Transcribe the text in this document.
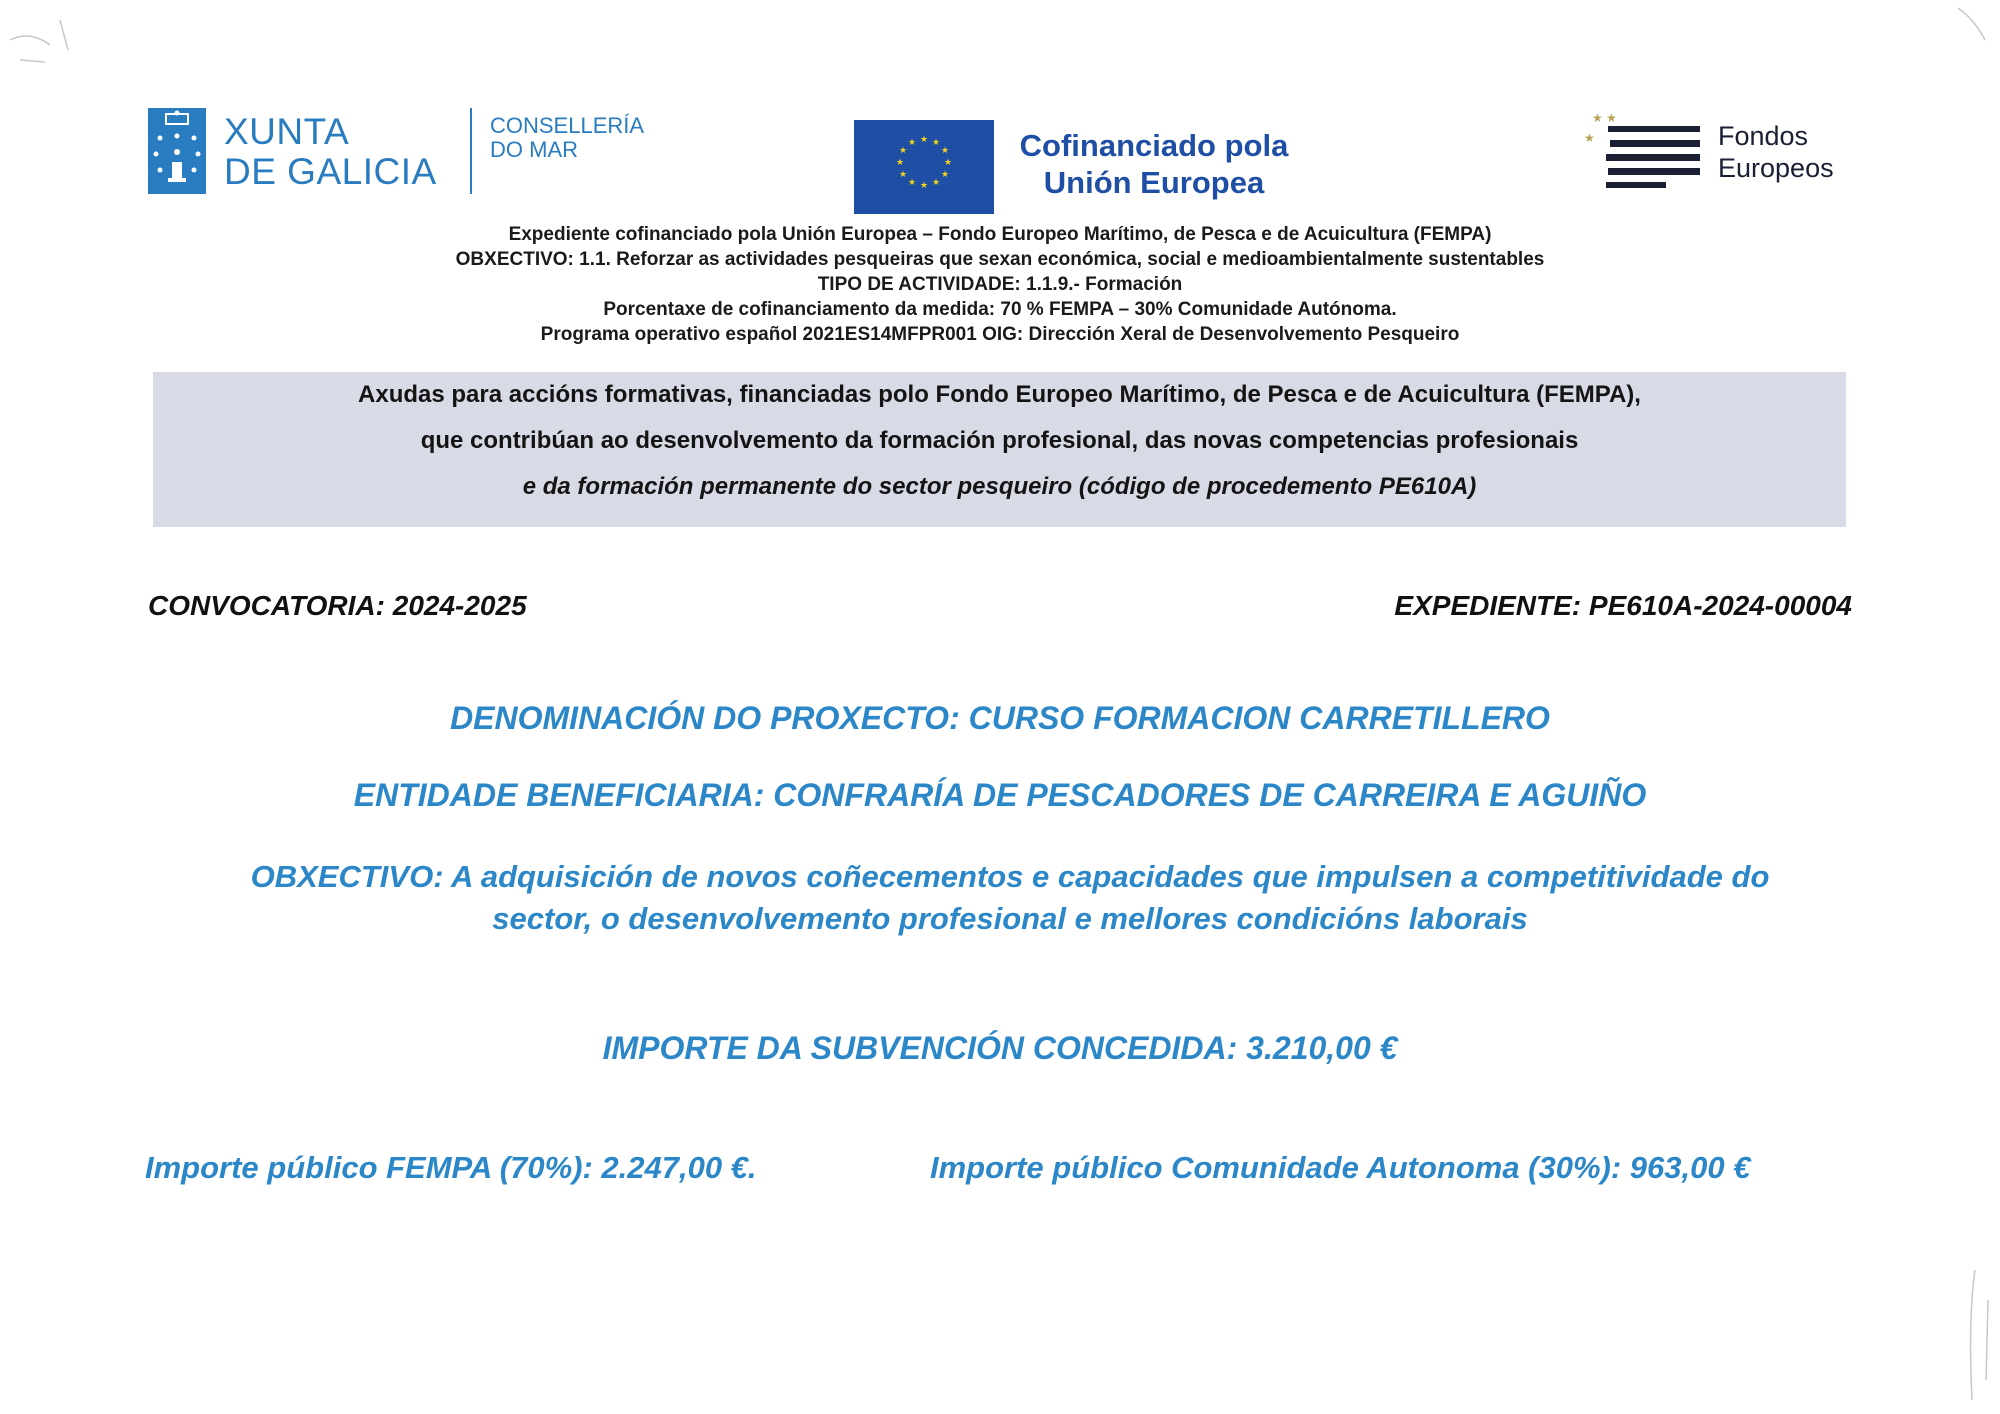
XUNTA
DE GALICIA
CONSELLERÍA
DO MAR	★ ★
★
★
★
★
★
★
★
★
★
★	Cofinanciado pola
Unión Europea
★
★ ★
Fondos
Europeos
Expediente cofinanciado pola Unión Europea – Fondo Europeo Marítimo, de Pesca e de Acuicultura (FEMPA)
OBXECTIVO: 1.1. Reforzar as actividades pesqueiras que sexan económica, social e medioambientalmente sustentables
TIPO DE ACTIVIDADE: 1.1.9.- Formación
Porcentaxe de cofinanciamento da medida: 70 % FEMPA – 30% Comunidade Autónoma.
Programa operativo español 2021ES14MFPR001 OIG: Dirección Xeral de Desenvolvemento Pesqueiro
Axudas para accións formativas, financiadas polo Fondo Europeo Marítimo, de Pesca e de Acuicultura (FEMPA),
que contribúan ao desenvolvemento da formación profesional, das novas competencias profesionais
e da formación permanente do sector pesqueiro (código de procedemento PE610A)
CONVOCATORIA: 2024-2025	EXPEDIENTE: PE610A-2024-00004
DENOMINACIÓN DO PROXECTO: CURSO FORMACION CARRETILLERO
ENTIDADE BENEFICIARIA: CONFRARÍA DE PESCADORES DE CARREIRA E AGUIÑO
OBXECTIVO: A adquisición de novos coñecementos e capacidades que impulsen a competitividade do
sector, o desenvolvemento profesional e mellores condicións laborais
IMPORTE DA SUBVENCIÓN CONCEDIDA: 3.210,00 €
Importe público FEMPA (70%): 2.247,00 €.	Importe público Comunidade Autonoma (30%): 963,00 €
